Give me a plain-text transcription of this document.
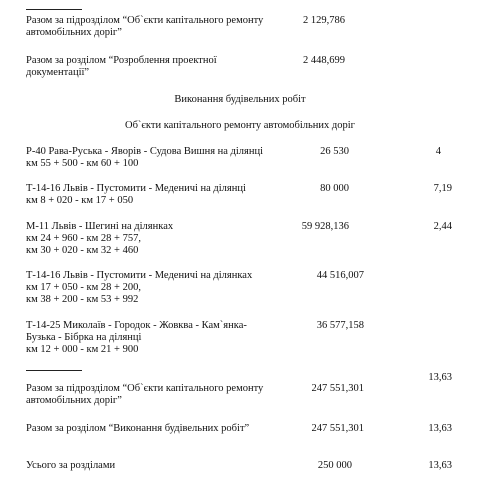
Разом за підрозділом “Об`єкти капітального ремонту
автомобільних доріг”
2 129,786
Разом за розділом “Розроблення проектної
документації”
2 448,699
Виконання будівельних робіт
Об`єкти капітального ремонту автомобільних доріг
Р-40 Рава-Руська - Яворів - Судова Вишня на ділянці
км 55 + 500 - км 60 + 100
26 530	4
Т-14-16 Львів - Пустомити - Меденичі на ділянці
км 8 + 020 - км 17 + 050
80 000	7,19
М-11 Львів - Шегині на ділянках
км 24 + 960 - км 28 + 757,
км 30 + 020 - км 32 + 460
59 928,136	2,44
Т-14-16 Львів - Пустомити - Меденичі на ділянках
км 17 + 050 - км 28 + 200,
км 38 + 200 - км 53 + 992
44 516,007
Т-14-25 Миколаїв - Городок - Жовква - Кам`янка-
Бузька - Бібрка на ділянці
км 12 + 000 - км 21 + 900
36 577,158
Разом за підрозділом “Об`єкти капітального ремонту
автомобільних доріг”
247 551,301
13,63
Разом за розділом “Виконання будівельних робіт”	247 551,301	13,63
Усього за розділами	250 000	13,63
